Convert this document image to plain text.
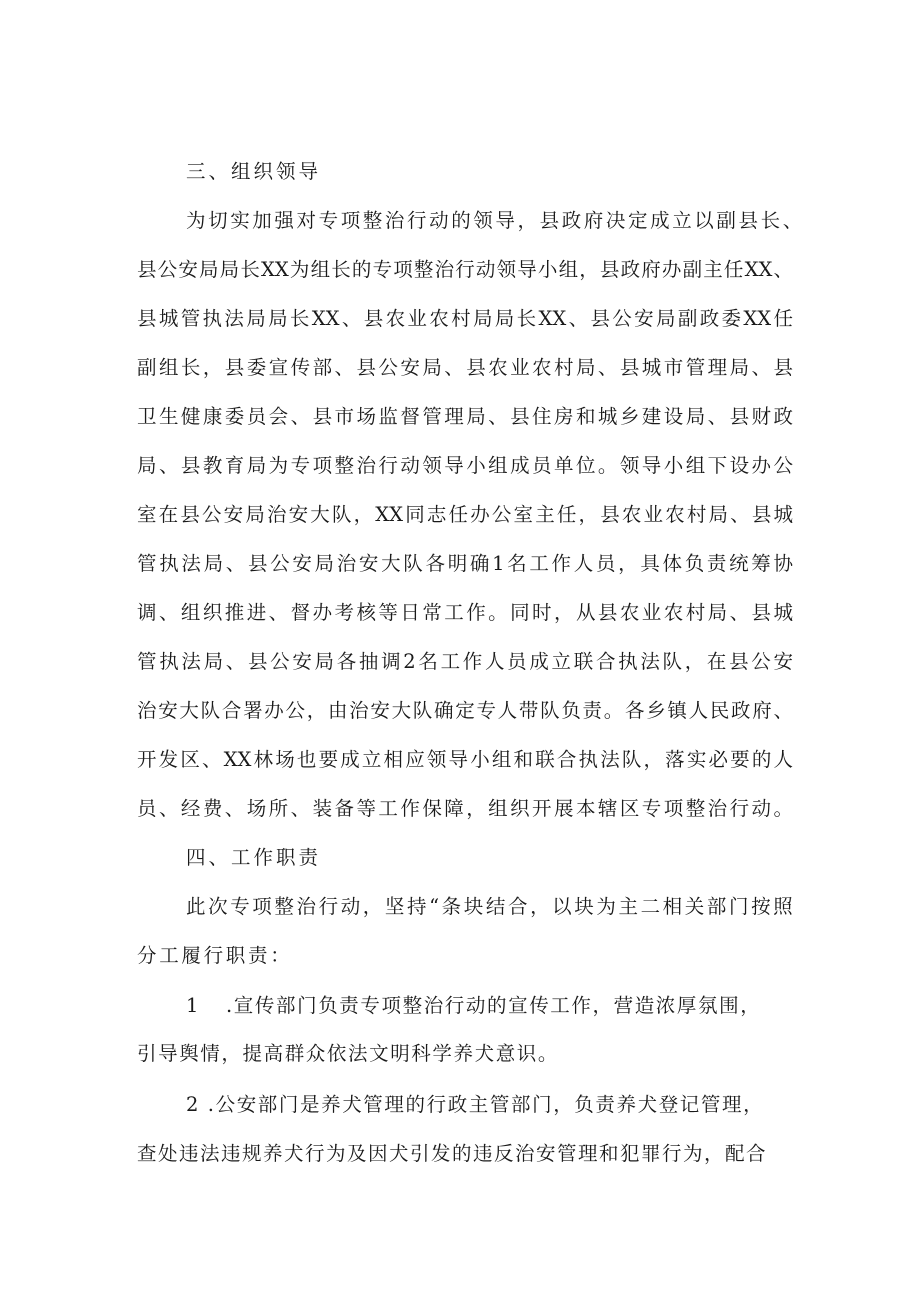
三、组织领导
为切实加强对专项整治行动的领导，县政府决定成立以副县长、
县公安局局长XX为组长的专项整治行动领导小组，县政府办副主任XX、
县城管执法局局长XX、县农业农村局局长XX、县公安局副政委XX任
副组长，县委宣传部、县公安局、县农业农村局、县城市管理局、县
卫生健康委员会、县市场监督管理局、县住房和城乡建设局、县财政
局、县教育局为专项整治行动领导小组成员单位。领导小组下设办公
室在县公安局治安大队，XX同志任办公室主任，县农业农村局、县城
管执法局、县公安局治安大队各明确1名工作人员，具体负责统筹协
调、组织推进、督办考核等日常工作。同时，从县农业农村局、县城
管执法局、县公安局各抽调2名工作人员成立联合执法队，在县公安
治安大队合署办公，由治安大队确定专人带队负责。各乡镇人民政府、
开发区、XX林场也要成立相应领导小组和联合执法队，落实必要的人
员、经费、场所、装备等工作保障，组织开展本辖区专项整治行动。
四、工作职责
此次专项整治行动，坚持“条块结合，以块为主二相关部门按照
分工履行职责：
1 .宣传部门负责专项整治行动的宣传工作，营造浓厚氛围，
引导舆情，提高群众依法文明科学养犬意识。
2 .公安部门是养犬管理的行政主管部门，负责养犬登记管理，
查处违法违规养犬行为及因犬引发的违反治安管理和犯罪行为，配合
